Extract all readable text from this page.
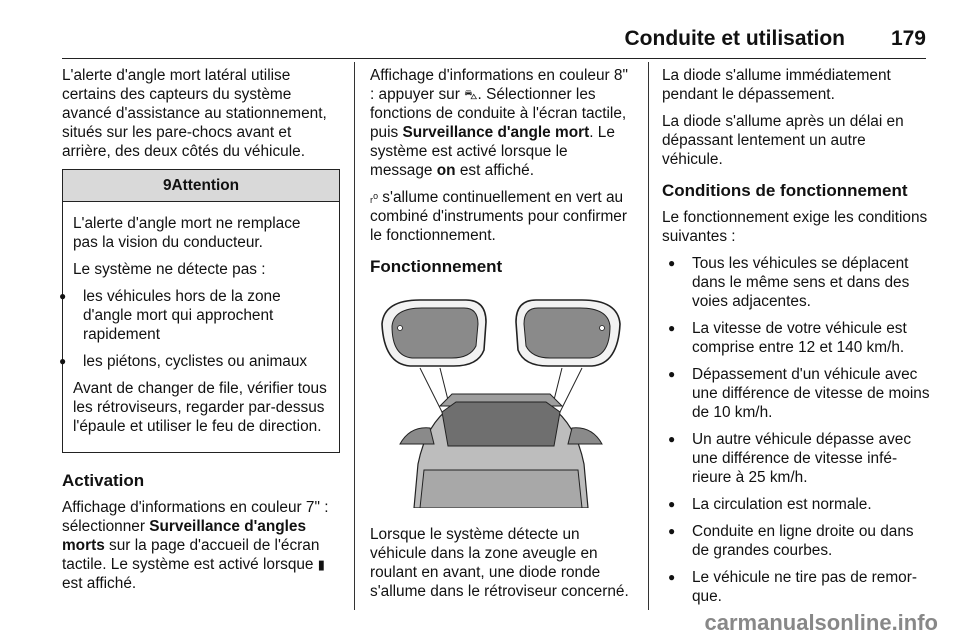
Conduite et utilisation 179

L'alerte d'angle mort latéral utilise certains des capteurs du système avancé d'assistance au stationnement, situés sur les pare-chocs avant et arrière, des deux côtés du véhicule.

9Attention

L'alerte d'angle mort ne remplace pas la vision du conducteur.

Le système ne détecte pas :

● les véhicules hors de la zone d'angle mort qui approchent rapidement
● les piétons, cyclistes ou animaux

Avant de changer de file, vérifier tous les rétroviseurs, regarder par-dessus l'épaule et utiliser le feu de direction.

Activation

Affichage d'informations en couleur 7" : sélectionner Surveillance d'angles morts sur la page d'accueil de l'écran tactile. Le système est activé lorsque ▮ est affiché.

Affichage d'informations en couleur 8" : appuyer sur ⛍. Sélectionner les fonctions de conduite à l'écran tactile, puis Surveillance d'angle mort. Le système est activé lorsque le message on est affiché.

ᵣᵒ s'allume continuellement en vert au combiné d'instruments pour confirmer le fonctionnement.

Fonctionnement

Lorsque le système détecte un véhicule dans la zone aveugle en roulant en avant, une diode ronde s'allume dans le rétroviseur concerné.

La diode s'allume immédiatement pendant le dépassement.

La diode s'allume après un délai en dépassant lentement un autre véhicule.

Conditions de fonctionnement

Le fonctionnement exige les conditions suivantes :

● Tous les véhicules se déplacent dans le même sens et dans des voies adjacentes.
● La vitesse de votre véhicule est comprise entre 12 et 140 km/h.
● Dépassement d'un véhicule avec une différence de vitesse de moins de 10 km/h.
● Un autre véhicule dépasse avec une différence de vitesse inférieure à 25 km/h.
● La circulation est normale.
● Conduite en ligne droite ou dans de grandes courbes.
● Le véhicule ne tire pas de remorque.
carmanualsonline.info
